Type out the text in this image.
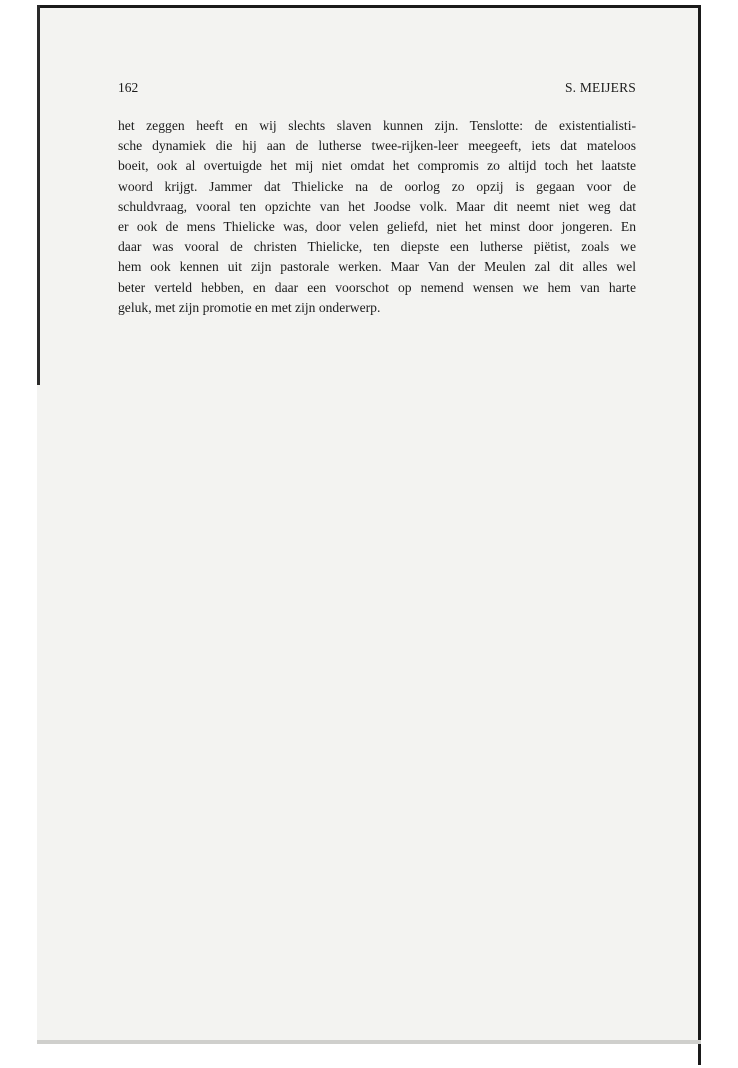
162	S. MEIJERS

het zeggen heeft en wij slechts slaven kunnen zijn. Tenslotte: de existentialisti-
sche dynamiek die hij aan de lutherse twee-rijken-leer meegeeft, iets dat mateloos
boeit, ook al overtuigde het mij niet omdat het compromis zo altijd toch het laatste
woord krijgt. Jammer dat Thielicke na de oorlog zo opzij is gegaan voor de
schuldvraag, vooral ten opzichte van het Joodse volk. Maar dit neemt niet weg dat
er ook de mens Thielicke was, door velen geliefd, niet het minst door jongeren. En
daar was vooral de christen Thielicke, ten diepste een lutherse piëtist, zoals we
hem ook kennen uit zijn pastorale werken. Maar Van der Meulen zal dit alles wel
beter verteld hebben, en daar een voorschot op nemend wensen we hem van harte
geluk, met zijn promotie en met zijn onderwerp.
